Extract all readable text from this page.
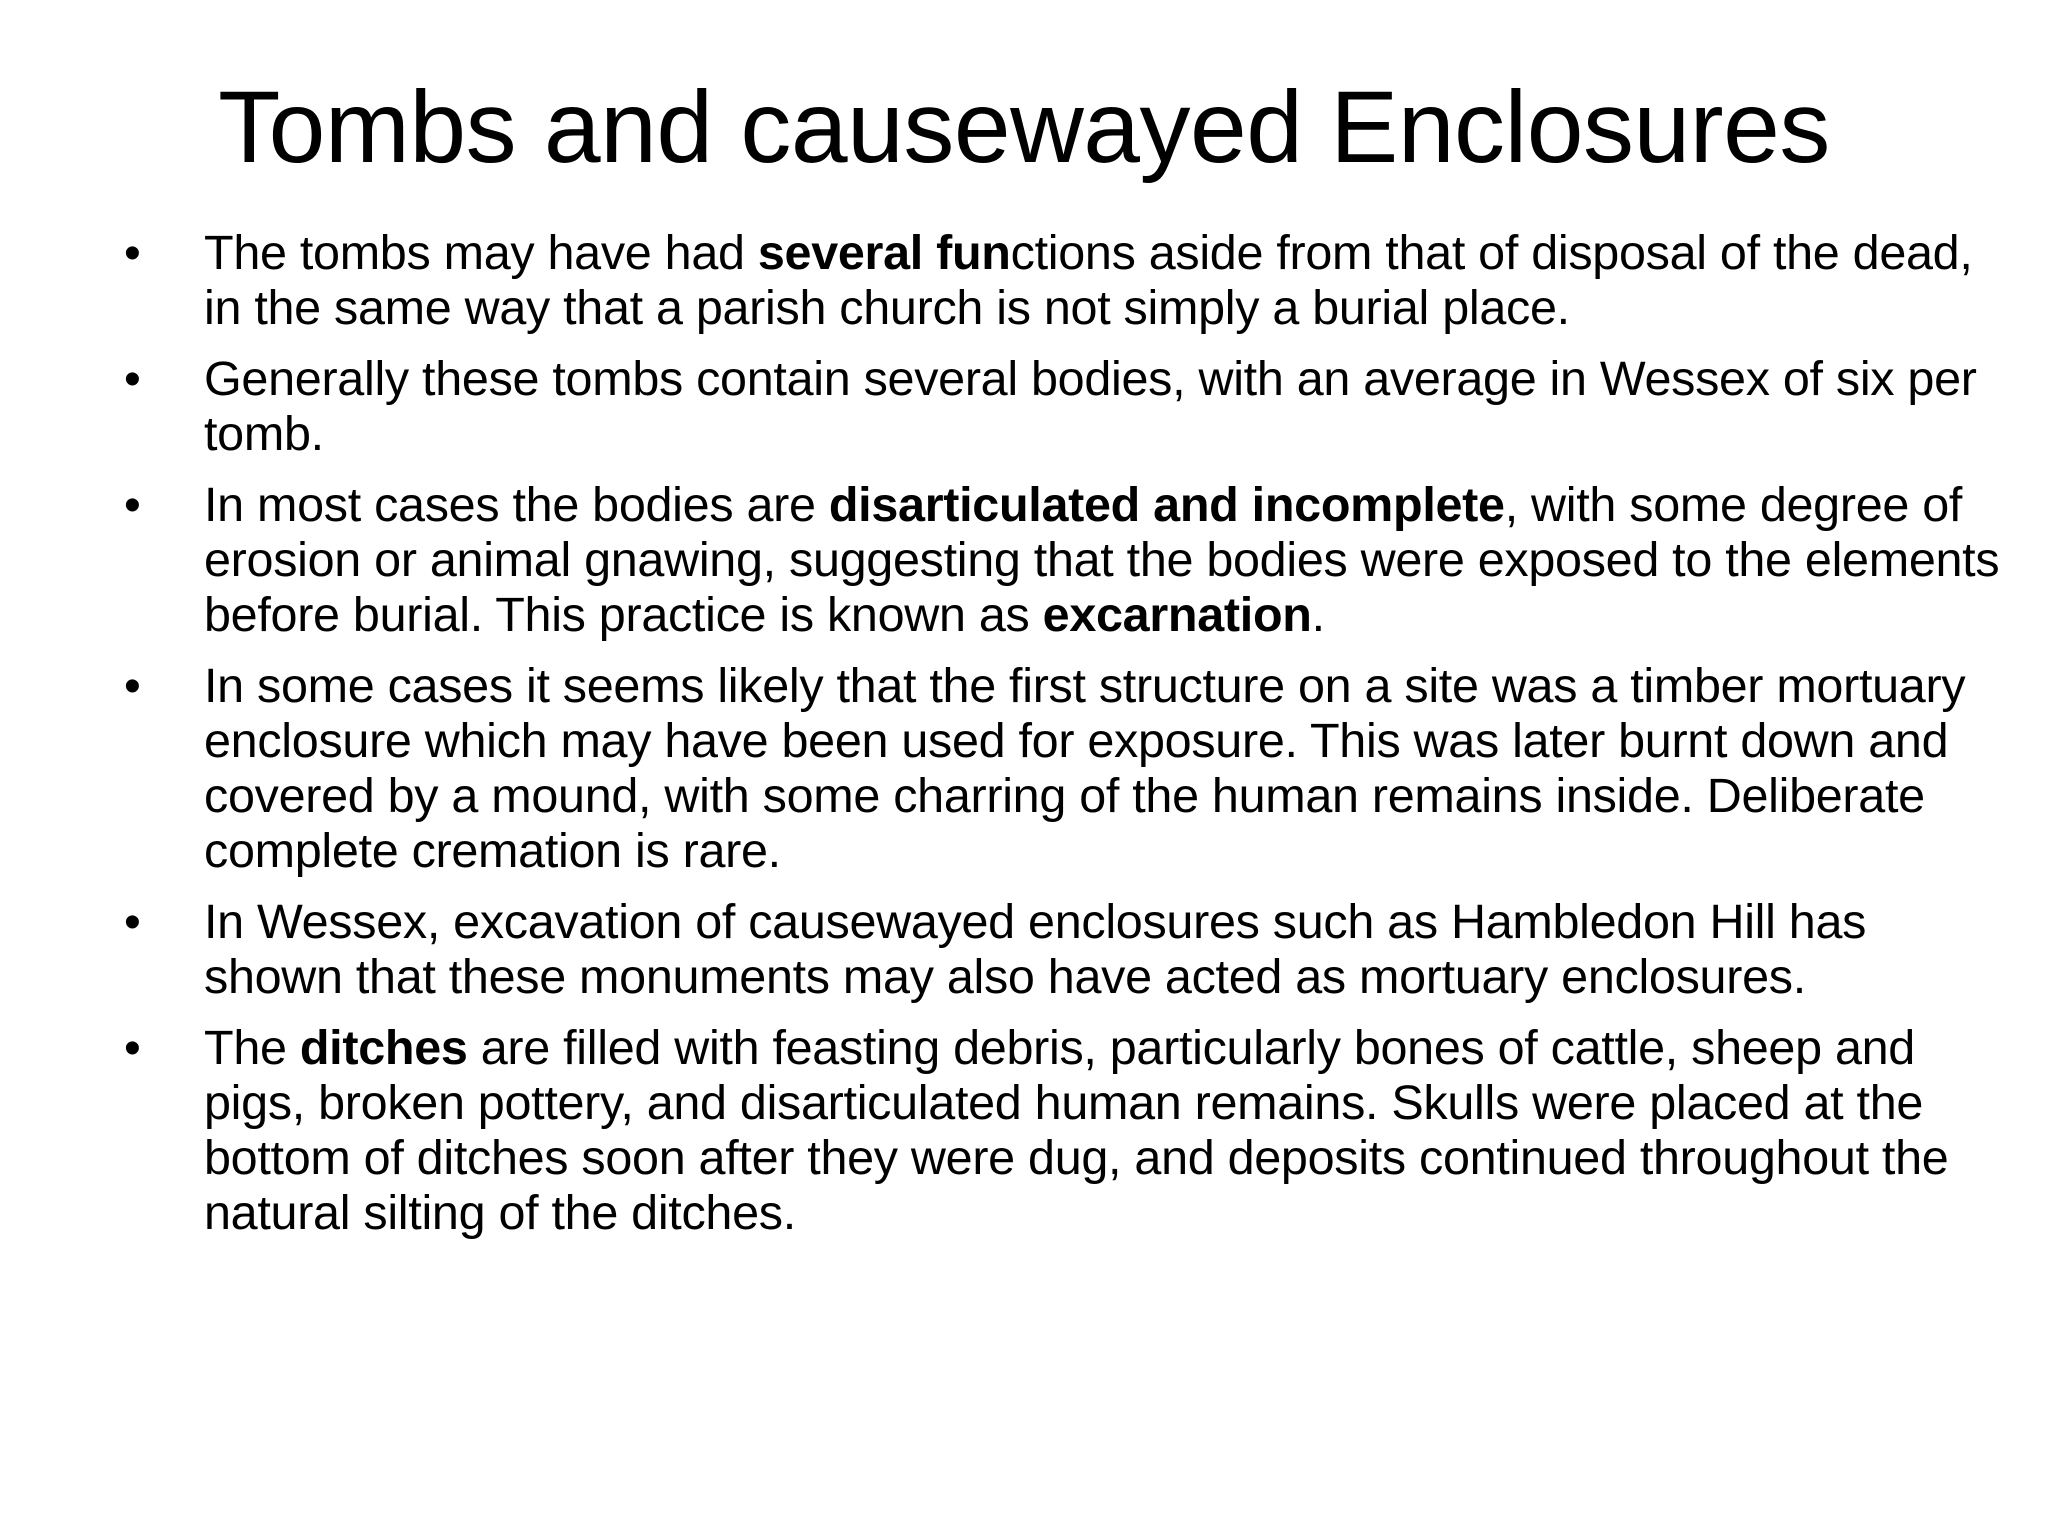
Tombs and causewayed Enclosures
•	The tombs may have had several functions aside from that of disposal of the dead, in the same way that a parish church is not simply a burial place.
•	Generally these tombs contain several bodies, with an average in Wessex of six per tomb.
•	In most cases the bodies are disarticulated and incomplete, with some degree of erosion or animal gnawing, suggesting that the bodies were exposed to the elements before burial. This practice is known as excarnation.
•	In some cases it seems likely that the first structure on a site was a timber mortuary enclosure which may have been used for exposure. This was later burnt down and covered by a mound, with some charring of the human remains inside. Deliberate complete cremation is rare.
•	In Wessex, excavation of causewayed enclosures such as Hambledon Hill has shown that these monuments may also have acted as mortuary enclosures.
•	The ditches are filled with feasting debris, particularly bones of cattle, sheep and pigs, broken pottery, and disarticulated human remains. Skulls were placed at the bottom of ditches soon after they were dug, and deposits continued throughout the natural silting of the ditches.
